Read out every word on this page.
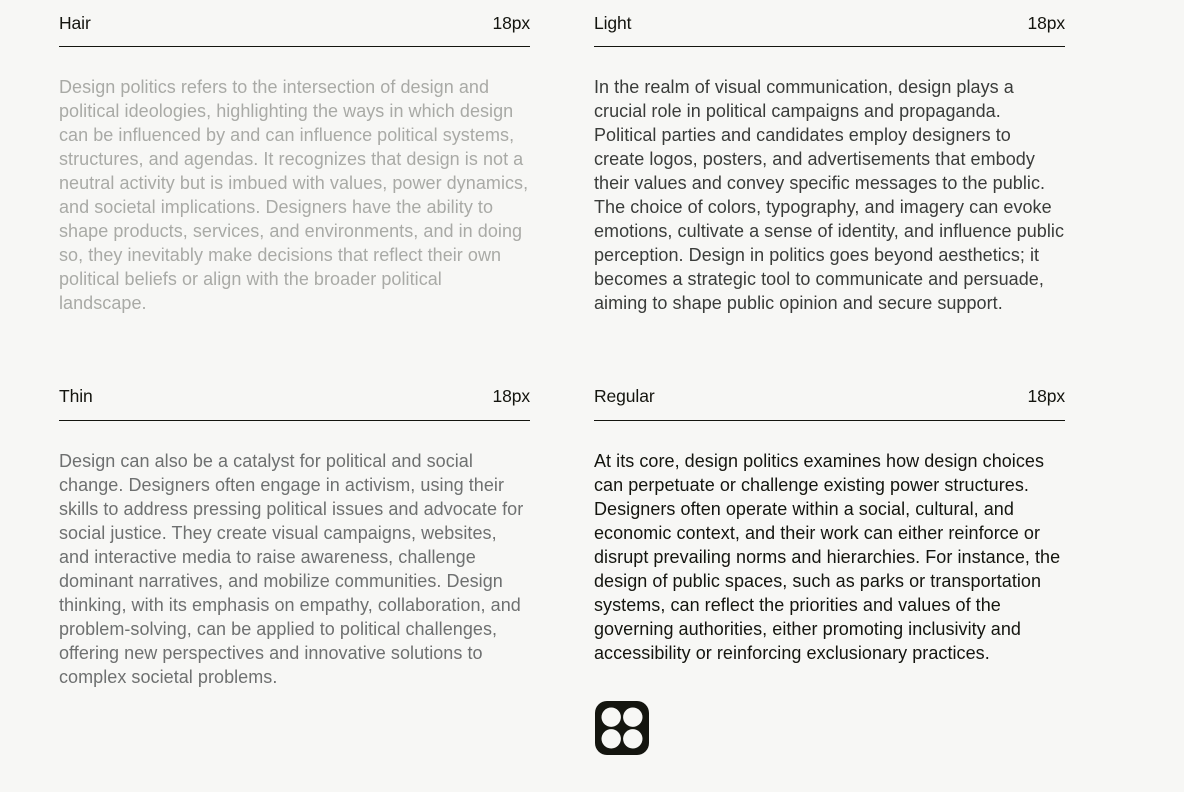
Hair	18px

Design politics refers to the intersection of design and political ideologies, highlighting the ways in which design can be influenced by and can influence political systems, structures, and agendas. It recognizes that design is not a neutral activity but is imbued with values, power dynamics, and societal implications. Designers have the ability to shape products, services, and environments, and in doing so, they inevitably make decisions that reflect their own political beliefs or align with the broader political landscape.

Light	18px

In the realm of visual communication, design plays a crucial role in political campaigns and propaganda. Political parties and candidates employ designers to create logos, posters, and advertisements that embody their values and convey specific messages to the public. The choice of colors, typography, and imagery can evoke emotions, cultivate a sense of identity, and influence public perception. Design in politics goes beyond aesthetics; it becomes a strategic tool to communicate and persuade, aiming to shape public opinion and secure support.

Thin	18px

Design can also be a catalyst for political and social change. Designers often engage in activism, using their skills to address pressing political issues and advocate for social justice. They create visual campaigns, websites, and interactive media to raise awareness, challenge dominant narratives, and mobilize communities. Design thinking, with its emphasis on empathy, collaboration, and problem-solving, can be applied to political challenges, offering new perspectives and innovative solutions to complex societal problems.

Regular	18px

At its core, design politics examines how design choices can perpetuate or challenge existing power structures. Designers often operate within a social, cultural, and economic context, and their work can either reinforce or disrupt prevailing norms and hierarchies. For instance, the design of public spaces, such as parks or transportation systems, can reflect the priorities and values of the governing authorities, either promoting inclusivity and accessibility or reinforcing exclusionary practices.
